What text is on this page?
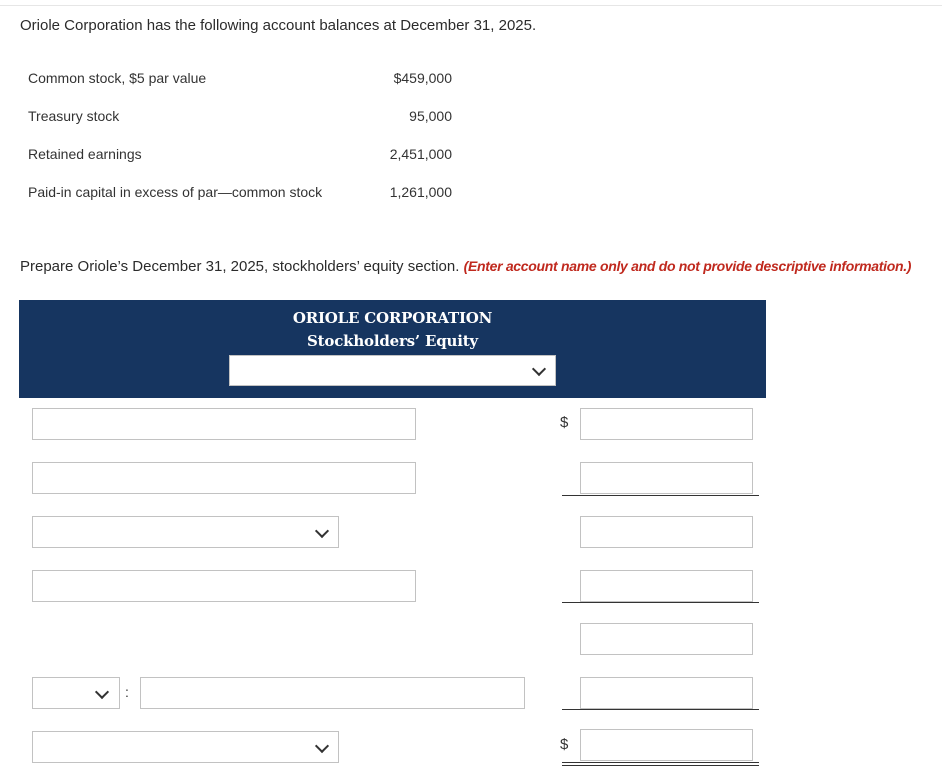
Oriole Corporation has the following account balances at December 31, 2025.
Common stock, $5 par value	$459,000
Treasury stock	95,000
Retained earnings	2,451,000
Paid-in capital in excess of par—common stock	1,261,000
Prepare Oriole’s December 31, 2025, stockholders’ equity section. (Enter account name only and do not provide descriptive information.)
ORIOLE CORPORATION
Stockholders’ Equity
$
:
$
